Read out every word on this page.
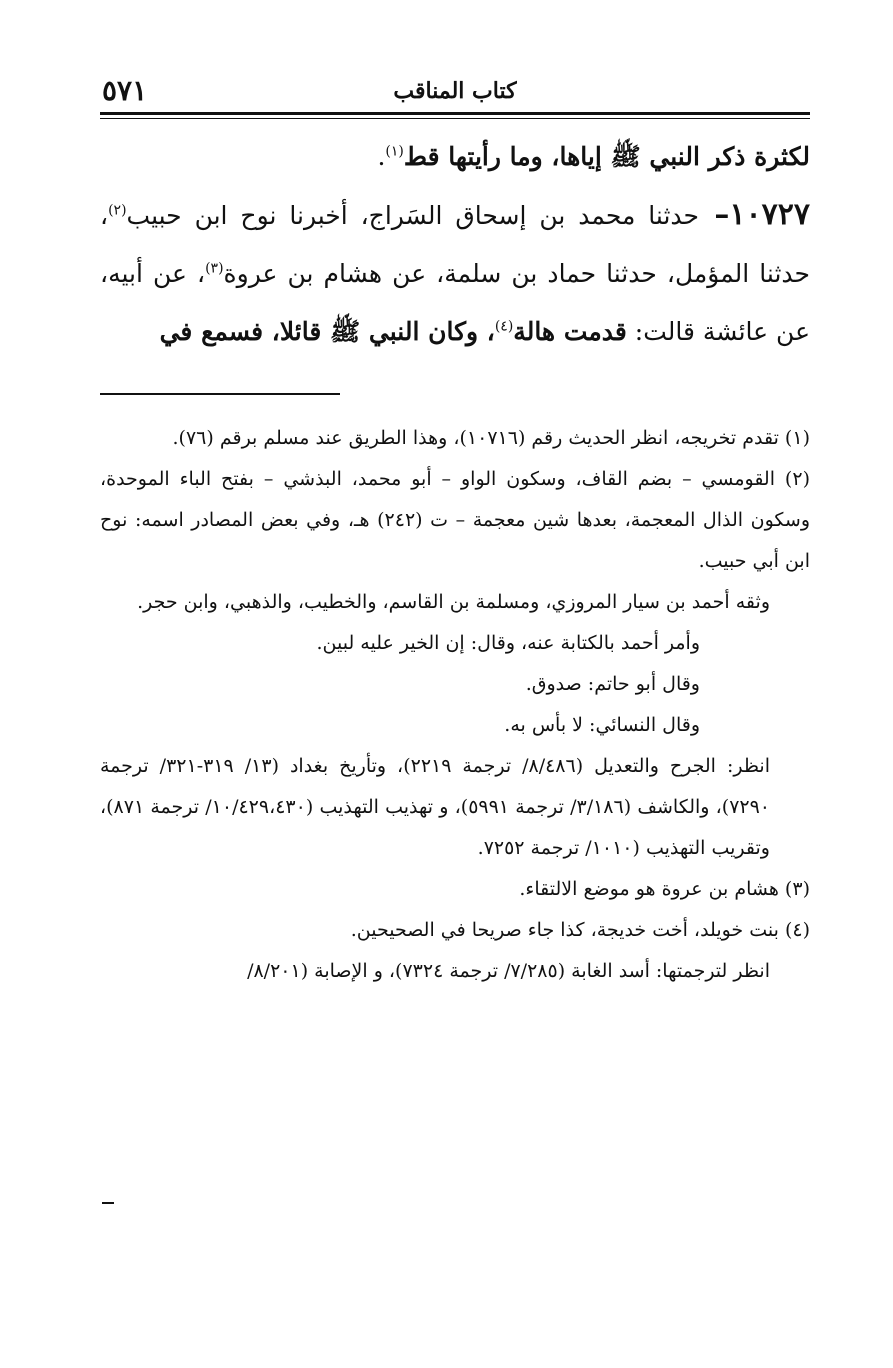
كتاب المناقب
٥٧١

لكثرة ذكر النبي ﷺ إياها، وما رأيتها قط$^{(١)}$.

١٠٧٢٧– حدثنا محمد بن إسحاق السَراج، أخبرنا نوح ابن حبيب$^{(٢)}$، حدثنا المؤمل، حدثنا حماد بن سلمة، عن هشام بن عروة$^{(٣)}$، عن أبيه، عن عائشة قالت: قدمت هالة$^{(٤)}$، وكان النبي ﷺ قائلا، فسمع في

(١) تقدم تخريجه، انظر الحديث رقم (١٠٧١٦)، وهذا الطريق عند مسلم برقم (٧٦).

(٢) القومسي – بضم القاف، وسكون الواو – أبو محمد، البذشي – بفتح الباء الموحدة، وسكون الذال المعجمة، بعدها شين معجمة – ت (٢٤٢) هـ، وفي بعض المصادر اسمه: نوح ابن أبي حبيب.

وثقه أحمد بن سيار المروزي، ومسلمة بن القاسم، والخطيب، والذهبي، وابن حجر.

وأمر أحمد بالكتابة عنه، وقال: إن الخير عليه لبين.

وقال أبو حاتم: صدوق.

وقال النسائي: لا بأس به.

انظر: الجرح والتعديل (٨/٤٨٦/ ترجمة ٢٢١٩)، وتأريخ بغداد (١٣/ ٣١٩-٣٢١/ ترجمة ٧٢٩٠)، والكاشف (٣/١٨٦/ ترجمة ٥٩٩١)، و تهذيب التهذيب (١٠/٤٢٩،٤٣٠/ ترجمة ٨٧١)، وتقريب التهذيب (١٠١٠/ ترجمة ٧٢٥٢.

(٣) هشام بن عروة هو موضع الالتقاء.

(٤) بنت خويلد، أخت خديجة، كذا جاء صريحا في الصحيحين.

انظر لترجمتها: أسد الغابة (٧/٢٨٥/ ترجمة ٧٣٢٤)، و الإصابة (٨/٢٠١/
